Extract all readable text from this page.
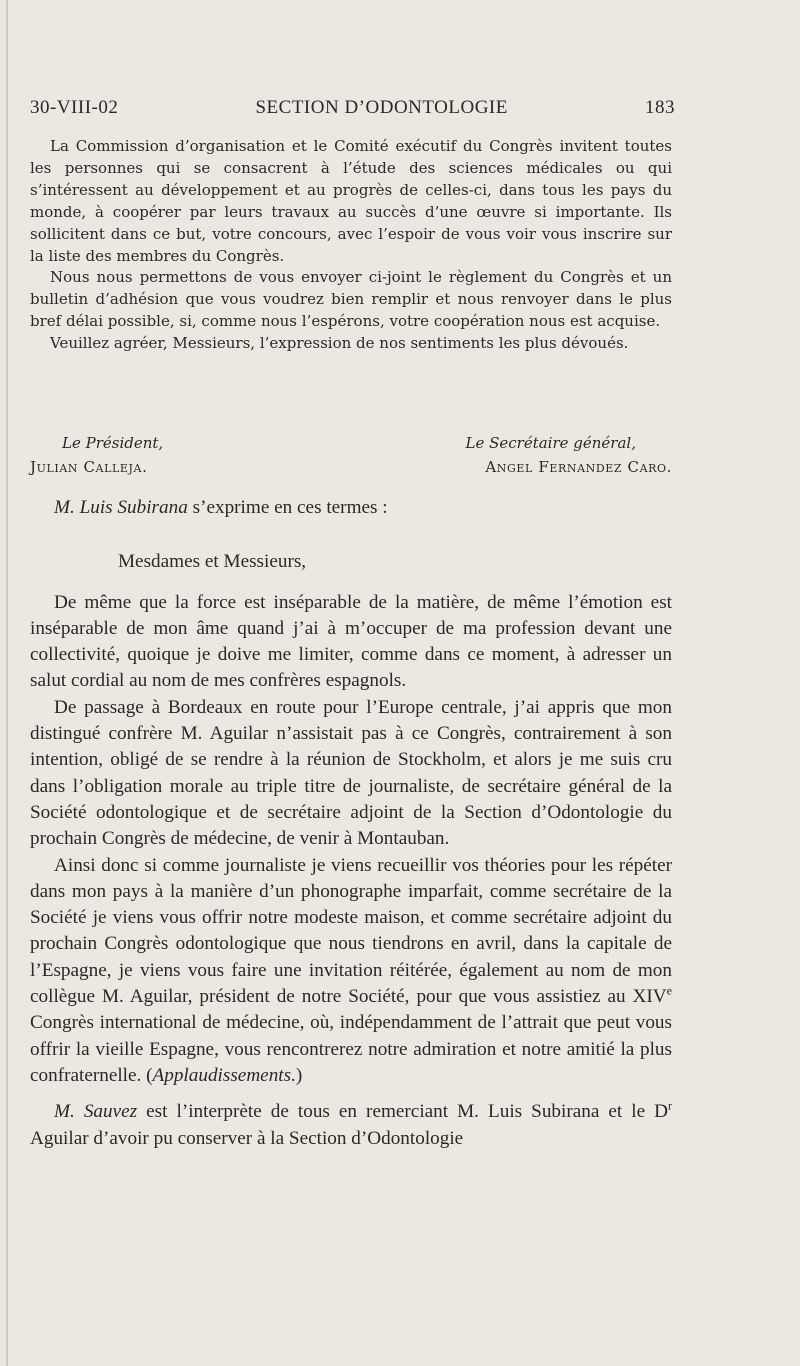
30-VIII-02	SECTION D’ODONTOLOGIE	183

La Commission d’organisation et le Comité exécutif du Congrès invitent toutes les personnes qui se consacrent à l’étude des sciences médicales ou qui s’intéressent au développement et au progrès de celles-ci, dans tous les pays du monde, à coopérer par leurs travaux au succès d’une œuvre si importante. Ils sollicitent dans ce but, votre concours, avec l’espoir de vous voir vous inscrire sur la liste des membres du Congrès.

Nous nous permettons de vous envoyer ci-joint le règlement du Congrès et un bulletin d’adhésion que vous voudrez bien remplir et nous renvoyer dans le plus bref délai possible, si, comme nous l’espérons, votre coopération nous est acquise.

Veuillez agréer, Messieurs, l’expression de nos sentiments les plus dévoués.

Le Président,	Le Secrétaire général,
Julian Calleja.	Angel Fernandez Caro.

M. Luis Subirana s’exprime en ces termes :

Mesdames et Messieurs,

De même que la force est inséparable de la matière, de même l’émotion est inséparable de mon âme quand j’ai à m’occuper de ma profession devant une collectivité, quoique je doive me limiter, comme dans ce moment, à adresser un salut cordial au nom de mes confrères espagnols.

De passage à Bordeaux en route pour l’Europe centrale, j’ai appris que mon distingué confrère M. Aguilar n’assistait pas à ce Congrès, contrairement à son intention, obligé de se rendre à la réunion de Stockholm, et alors je me suis cru dans l’obligation morale au triple titre de journaliste, de secrétaire général de la Société odontologique et de secrétaire adjoint de la Section d’Odontologie du prochain Congrès de médecine, de venir à Montauban.

Ainsi donc si comme journaliste je viens recueillir vos théories pour les répéter dans mon pays à la manière d’un phonographe imparfait, comme secrétaire de la Société je viens vous offrir notre modeste maison, et comme secrétaire adjoint du prochain Congrès odontologique que nous tiendrons en avril, dans la capitale de l’Espagne, je viens vous faire une invitation réitérée, également au nom de mon collègue M. Aguilar, président de notre Société, pour que vous assistiez au XIVe Congrès international de médecine, où, indépendamment de l’attrait que peut vous offrir la vieille Espagne, vous rencontrerez notre admiration et notre amitié la plus confraternelle. (Applaudissements.)

M. Sauvez est l’interprète de tous en remerciant M. Luis Subirana et le $D^r$ Aguilar d’avoir pu conserver à la Section d’Odontologie
